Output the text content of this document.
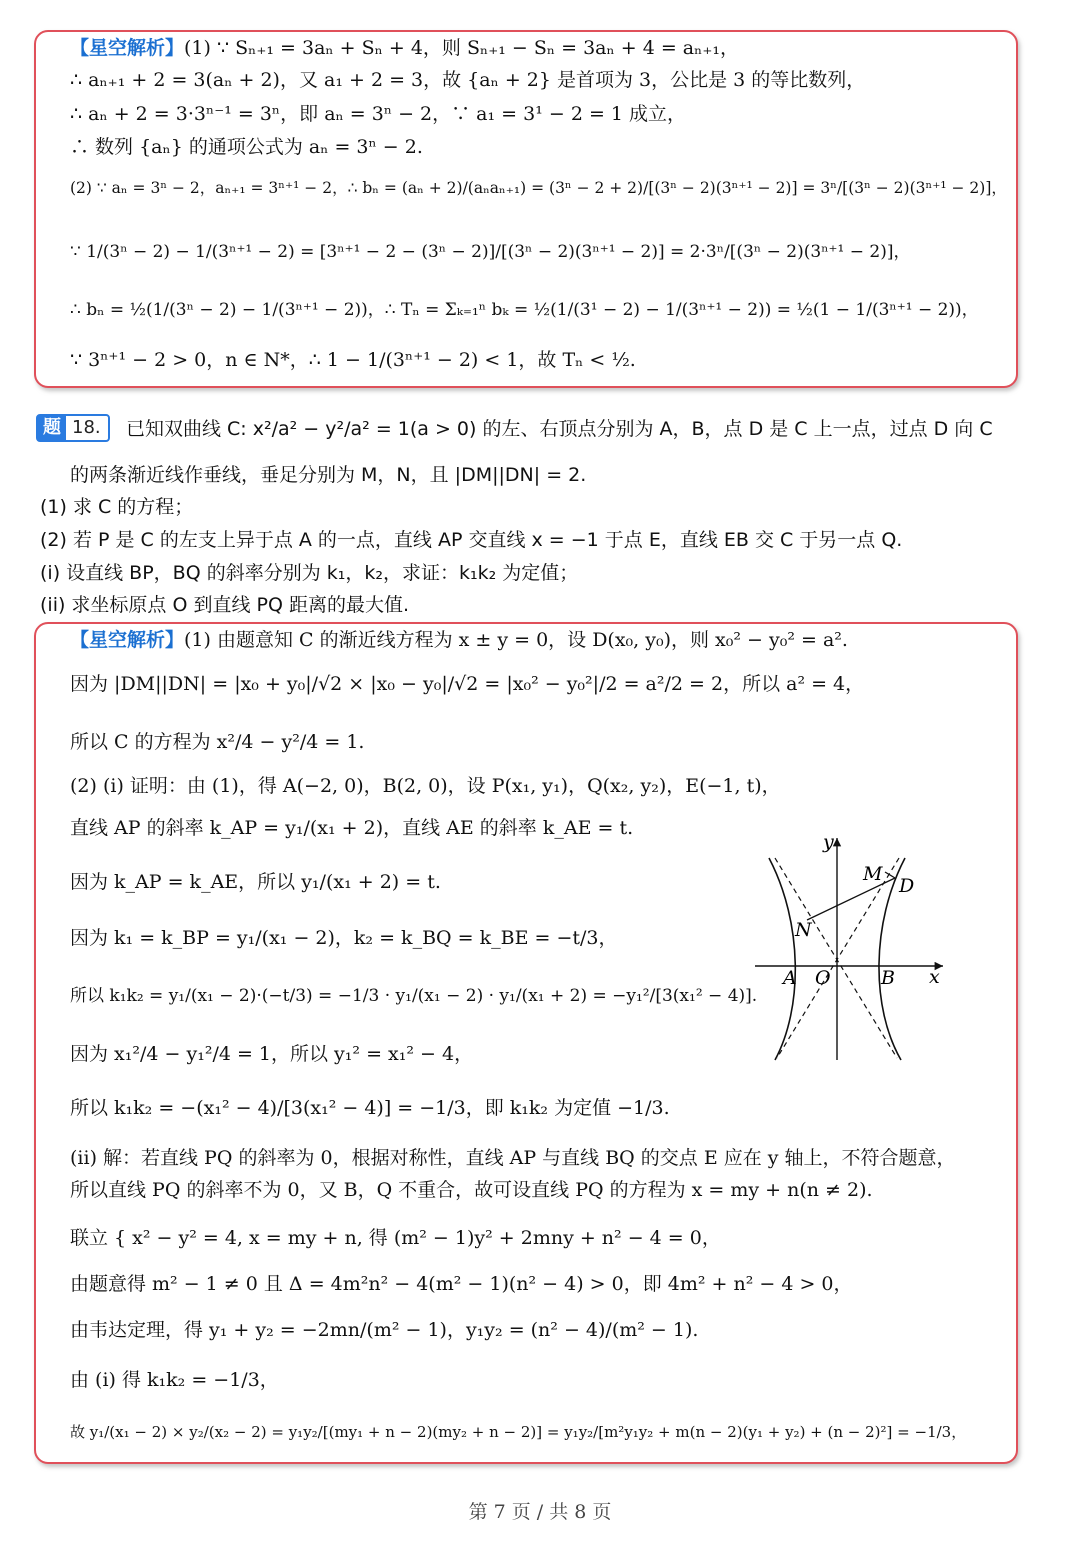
【星空解析】(1) ∵ Sₙ₊₁ = 3aₙ + Sₙ + 4，则 Sₙ₊₁ − Sₙ = 3aₙ + 4 = aₙ₊₁，
∴ aₙ₊₁ + 2 = 3(aₙ + 2)，又 a₁ + 2 = 3，故 {aₙ + 2} 是首项为 3，公比是 3 的等比数列，
∴ aₙ + 2 = 3·3ⁿ⁻¹ = 3ⁿ，即 aₙ = 3ⁿ − 2，∵ a₁ = 3¹ − 2 = 1 成立，
∴ 数列 {aₙ} 的通项公式为 aₙ = 3ⁿ − 2.
(2) ∵ aₙ = 3ⁿ − 2，aₙ₊₁ = 3ⁿ⁺¹ − 2，∴ bₙ = (aₙ + 2)/(aₙaₙ₊₁) = (3ⁿ − 2 + 2)/[(3ⁿ − 2)(3ⁿ⁺¹ − 2)] = 3ⁿ/[(3ⁿ − 2)(3ⁿ⁺¹ − 2)]，
∵ 1/(3ⁿ − 2) − 1/(3ⁿ⁺¹ − 2) = [3ⁿ⁺¹ − 2 − (3ⁿ − 2)]/[(3ⁿ − 2)(3ⁿ⁺¹ − 2)] = 2·3ⁿ/[(3ⁿ − 2)(3ⁿ⁺¹ − 2)]，
∴ bₙ = ½(1/(3ⁿ − 2) − 1/(3ⁿ⁺¹ − 2))，∴ Tₙ = Σₖ₌₁ⁿ bₖ = ½(1/(3¹ − 2) − 1/(3ⁿ⁺¹ − 2)) = ½(1 − 1/(3ⁿ⁺¹ − 2))，
∵ 3ⁿ⁺¹ − 2 > 0，n ∈ N*，∴ 1 − 1/(3ⁿ⁺¹ − 2) < 1，故 Tₙ < ½.
题 18. 已知双曲线 C: x²/a² − y²/a² = 1(a > 0) 的左、右顶点分别为 A，B，点 D 是 C 上一点，过点 D 向 C
的两条渐近线作垂线，垂足分别为 M，N，且 |DM||DN| = 2.
(1) 求 C 的方程；
(2) 若 P 是 C 的左支上异于点 A 的一点，直线 AP 交直线 x = −1 于点 E，直线 EB 交 C 于另一点 Q.
(i) 设直线 BP，BQ 的斜率分别为 k₁，k₂，求证：k₁k₂ 为定值；
(ii) 求坐标原点 O 到直线 PQ 距离的最大值.
【星空解析】(1) 由题意知 C 的渐近线方程为 x ± y = 0，设 D(x₀, y₀)，则 x₀² − y₀² = a².
因为 |DM||DN| = |x₀ + y₀|/√2 × |x₀ − y₀|/√2 = |x₀² − y₀²|/2 = a²/2 = 2，所以 a² = 4，
所以 C 的方程为 x²/4 − y²/4 = 1.
(2) (i) 证明：由 (1)，得 A(−2, 0)，B(2, 0)，设 P(x₁, y₁)，Q(x₂, y₂)，E(−1, t)，
直线 AP 的斜率 k_AP = y₁/(x₁ + 2)，直线 AE 的斜率 k_AE = t.
因为 k_AP = k_AE，所以 y₁/(x₁ + 2) = t.
因为 k₁ = k_BP = y₁/(x₁ − 2)，k₂ = k_BQ = k_BE = −t/3，
所以 k₁k₂ = y₁/(x₁ − 2)·(−t/3) = −1/3 · y₁/(x₁ − 2) · y₁/(x₁ + 2) = −y₁²/[3(x₁² − 4)].
因为 x₁²/4 − y₁²/4 = 1，所以 y₁² = x₁² − 4，
所以 k₁k₂ = −(x₁² − 4)/[3(x₁² − 4)] = −1/3，即 k₁k₂ 为定值 −1/3.
(ii) 解：若直线 PQ 的斜率为 0，根据对称性，直线 AP 与直线 BQ 的交点 E 应在 y 轴上，不符合题意，
所以直线 PQ 的斜率不为 0，又 B，Q 不重合，故可设直线 PQ 的方程为 x = my + n(n ≠ 2).
联立 { x² − y² = 4, x = my + n, 得 (m² − 1)y² + 2mny + n² − 4 = 0，
由题意得 m² − 1 ≠ 0 且 Δ = 4m²n² − 4(m² − 1)(n² − 4) > 0，即 4m² + n² − 4 > 0，
由韦达定理，得 y₁ + y₂ = −2mn/(m² − 1)，y₁y₂ = (n² − 4)/(m² − 1).
由 (i) 得 k₁k₂ = −1/3，
故 y₁/(x₁ − 2) × y₂/(x₂ − 2) = y₁y₂/[(my₁ + n − 2)(my₂ + n − 2)] = y₁y₂/[m²y₁y₂ + m(n − 2)(y₁ + y₂) + (n − 2)²] = −1/3，
y
x
M
D
N
A O	B
第 7 页 / 共 8 页
